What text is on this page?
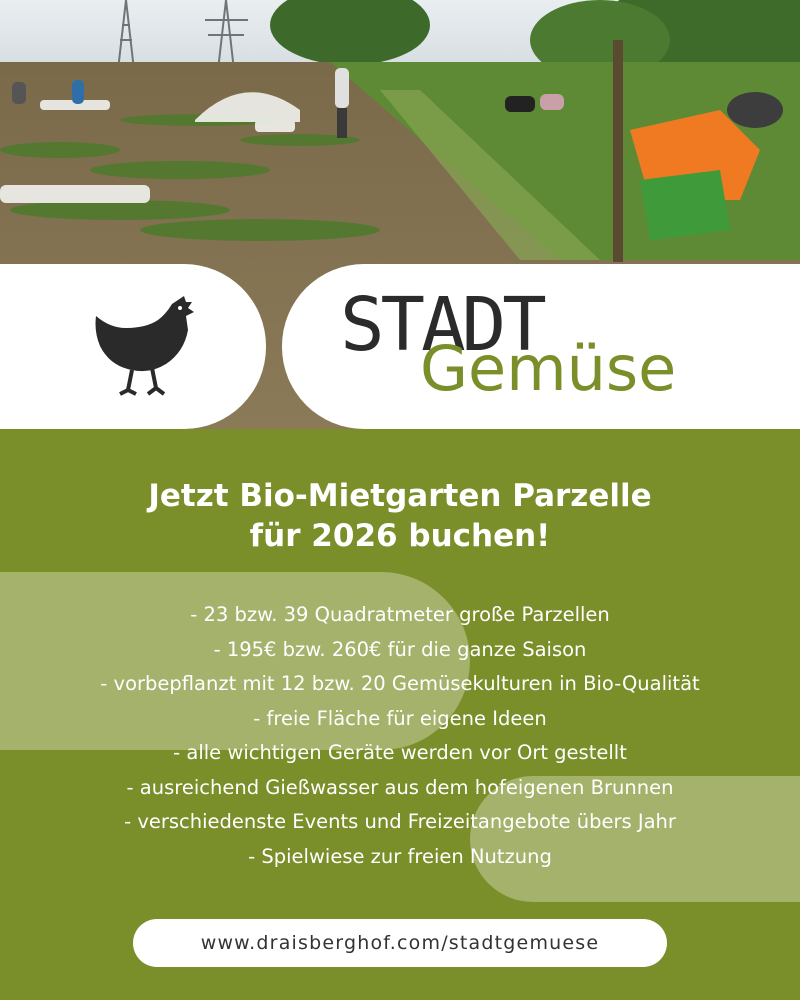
STADT
Gemüse
Jetzt Bio-Mietgarten Parzelle
für 2026 buchen!
- 23 bzw. 39 Quadratmeter große Parzellen
- 195€ bzw. 260€ für die ganze Saison
- vorbepflanzt mit 12 bzw. 20 Gemüsekulturen in Bio-Qualität
- freie Fläche für eigene Ideen
- alle wichtigen Geräte werden vor Ort gestellt
- ausreichend Gießwasser aus dem hofeigenen Brunnen
- verschiedenste Events und Freizeitangebote übers Jahr
- Spielwiese zur freien Nutzung
www.draisberghof.com/stadtgemuese
